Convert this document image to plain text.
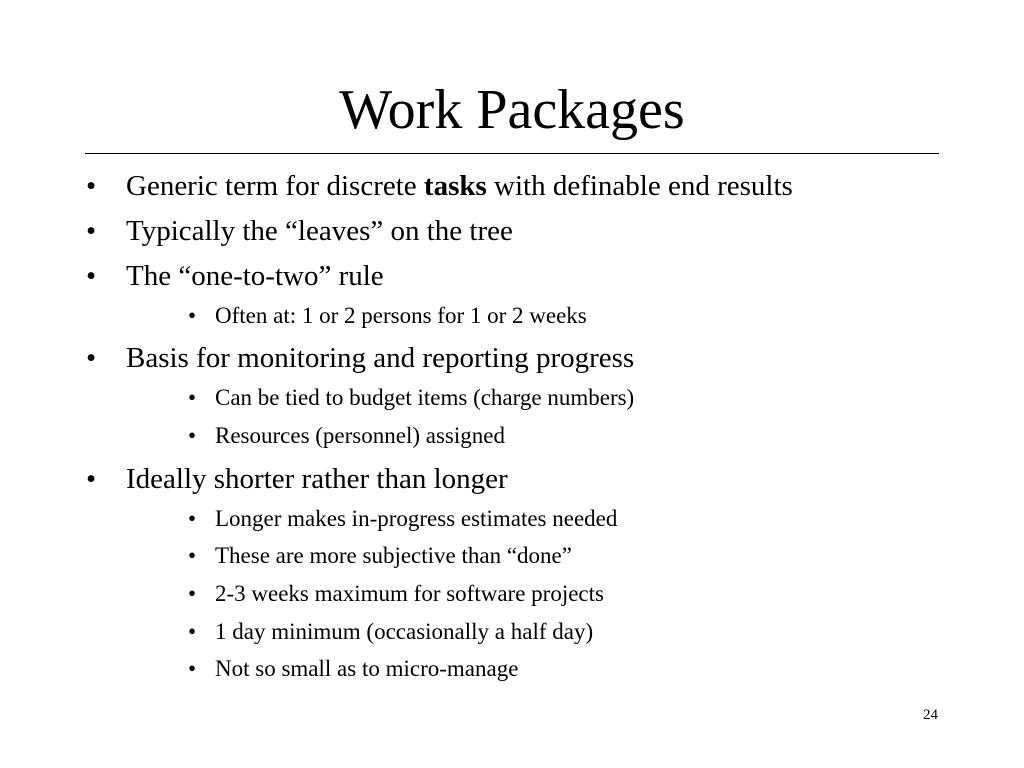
Work Packages
• Generic term for discrete tasks with definable end results
• Typically the “leaves” on the tree
• The “one-to-two” rule
• Often at: 1 or 2 persons for 1 or 2 weeks
• Basis for monitoring and reporting progress
• Can be tied to budget items (charge numbers)
• Resources (personnel) assigned
• Ideally shorter rather than longer
• Longer makes in-progress estimates needed
• These are more subjective than “done”
• 2-3 weeks maximum for software projects
• 1 day minimum (occasionally a half day)
• Not so small as to micro-manage
24
